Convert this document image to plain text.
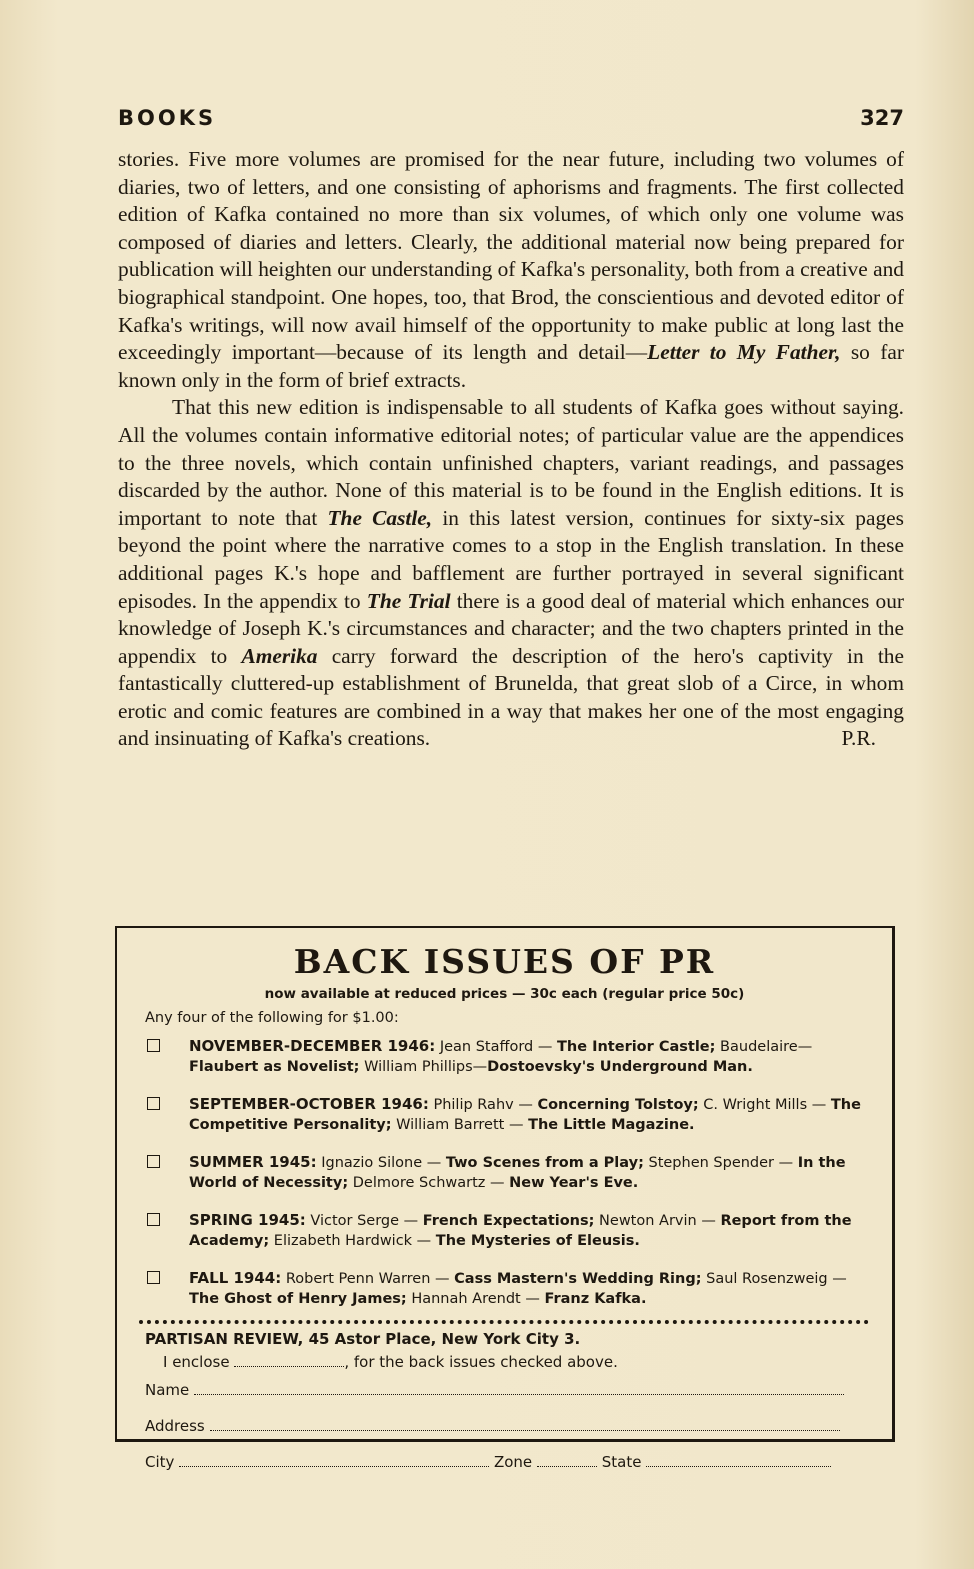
BOOKS	327

stories. Five more volumes are promised for the near future, including two volumes of diaries, two of letters, and one consisting of aphorisms and fragments. The first collected edition of Kafka contained no more than six volumes, of which only one volume was composed of diaries and letters. Clearly, the additional material now being prepared for publication will heighten our understanding of Kafka's personality, both from a creative and biographical standpoint. One hopes, too, that Brod, the conscientious and devoted editor of Kafka's writings, will now avail himself of the opportunity to make public at long last the exceedingly important—because of its length and detail—Letter to My Father, so far known only in the form of brief extracts.

That this new edition is indispensable to all students of Kafka goes without saying. All the volumes contain informative editorial notes; of particular value are the appendices to the three novels, which contain unfinished chapters, variant readings, and passages discarded by the author. None of this material is to be found in the English editions. It is important to note that The Castle, in this latest version, continues for sixty-six pages beyond the point where the narrative comes to a stop in the English translation. In these additional pages K.'s hope and bafflement are further portrayed in several significant episodes. In the appendix to The Trial there is a good deal of material which enhances our knowledge of Joseph K.'s circumstances and character; and the two chapters printed in the appendix to Amerika carry forward the description of the hero's captivity in the fantastically cluttered-up establishment of Brunelda, that great slob of a Circe, in whom erotic and comic features are combined in a way that makes her one of the most engaging and insinuating of Kafka's creations.	P.R.
BACK ISSUES OF PR
now available at reduced prices — 30c each (regular price 50c)
Any four of the following for $1.00:
NOVEMBER-DECEMBER 1946: Jean Stafford — The Interior Castle; Baudelaire—Flaubert as Novelist; William Phillips—Dostoevsky's Underground Man.
SEPTEMBER-OCTOBER 1946: Philip Rahv — Concerning Tolstoy; C. Wright Mills — The Competitive Personality; William Barrett — The Little Magazine.
SUMMER 1945: Ignazio Silone — Two Scenes from a Play; Stephen Spender — In the World of Necessity; Delmore Schwartz — New Year's Eve.
SPRING 1945: Victor Serge — French Expectations; Newton Arvin — Report from the Academy; Elizabeth Hardwick — The Mysteries of Eleusis.
FALL 1944: Robert Penn Warren — Cass Mastern's Wedding Ring; Saul Rosenzweig — The Ghost of Henry James; Hannah Arendt — Franz Kafka.
PARTISAN REVIEW, 45 Astor Place, New York City 3.
I enclose	, for the back issues checked above.
Name
Address
City	Zone	State
